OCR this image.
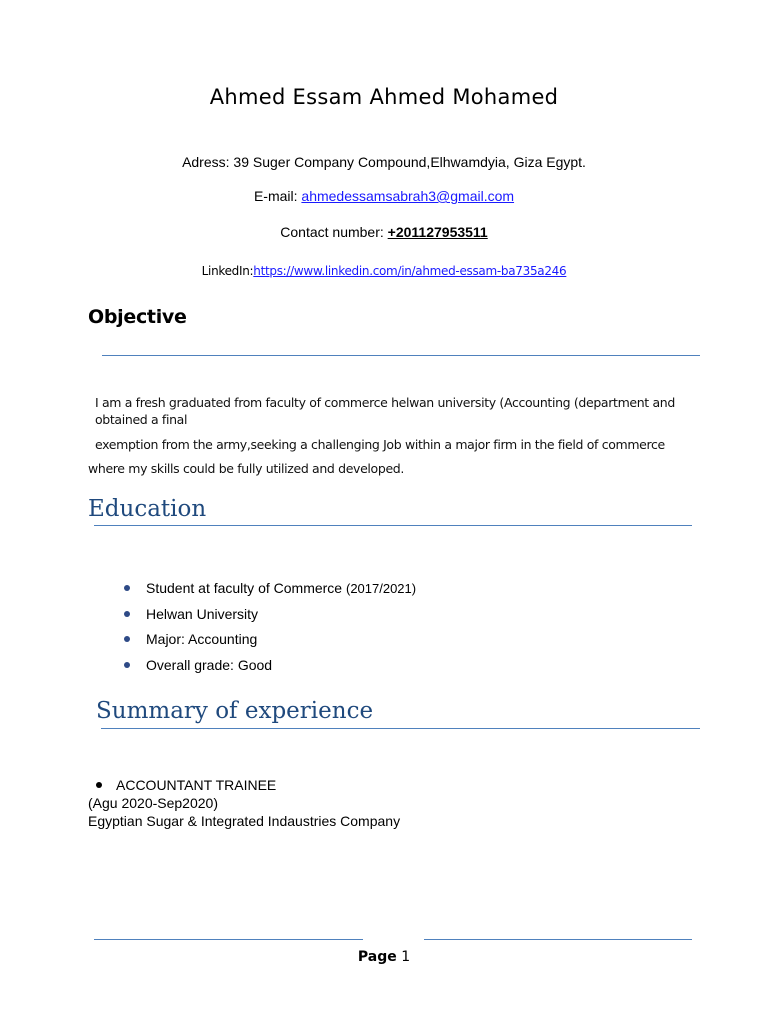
Ahmed Essam Ahmed Mohamed
Adress: 39 Suger Company Compound,Elhwamdyia, Giza Egypt.
E-mail: ahmedessamsabrah3@gmail.com
Contact number: +201127953511
LinkedIn:https://www.linkedin.com/in/ahmed-essam-ba735a246
Objective
I am a fresh graduated from faculty of commerce helwan university (Accounting (department and
obtained a final
exemption from the army,seeking a challenging Job within a major firm in the field of commerce
where my skills could be fully utilized and developed.
Education
Student at faculty of Commerce (2017/2021)
Helwan University
Major: Accounting
Overall grade: Good
Summary of experience
ACCOUNTANT TRAINEE
(Agu 2020-Sep2020)
Egyptian Sugar & Integrated Indaustries Company
Page 1
